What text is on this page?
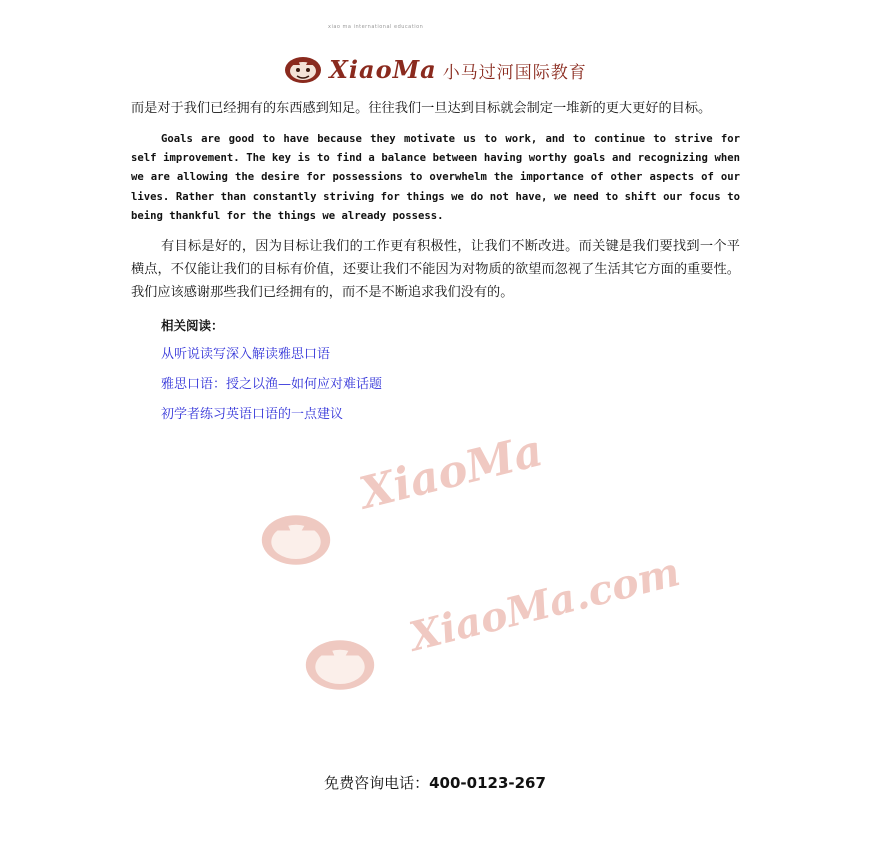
XiaoMa 小马过河国际教育
xiao ma international education

而是对于我们已经拥有的东西感到知足。往往我们一旦达到目标就会制定一堆新的更大更好的目标。

Goals are good to have because they motivate us to work, and to continue to strive for self improvement. The key is to find a balance between having worthy goals and recognizing when we are allowing the desire for possessions to overwhelm the importance of other aspects of our lives. Rather than constantly striving for things we do not have, we need to shift our focus to being thankful for the things we already possess.

有目标是好的，因为目标让我们的工作更有积极性，让我们不断改进。而关键是我们要找到一个平横点，不仅能让我们的目标有价值，还要让我们不能因为对物质的欲望而忽视了生活其它方面的重要性。我们应该感谢那些我们已经拥有的，而不是不断追求我们没有的。

相关阅读：
从听说读写深入解读雅思口语
雅思口语：授之以渔—如何应对难话题
初学者练习英语口语的一点建议
XiaoMa
XiaoMa.com
免费咨询电话：400-0123-267
